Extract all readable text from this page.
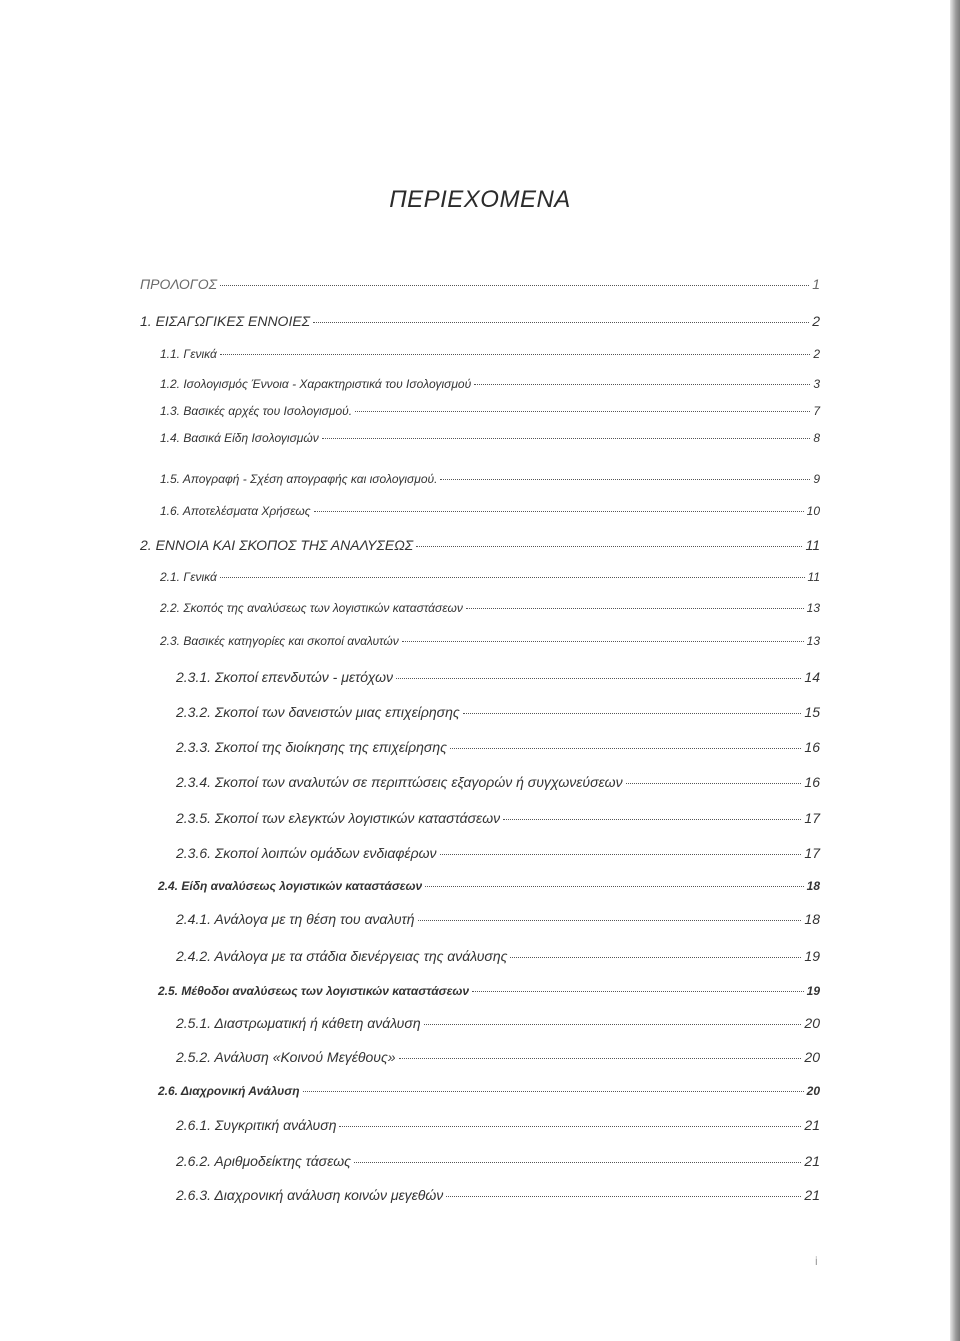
ΠΕΡΙΕΧΟΜΕΝΑ
ΠΡΟΛΟΓΟΣ	1
1. ΕΙΣΑΓΩΓΙΚΕΣ ΕΝΝΟΙΕΣ	2
1.1. Γενικά	2
1.2. Ισολογισμός Έννοια - Χαρακτηριστικά του Ισολογισμού	3
1.3. Βασικές αρχές του Ισολογισμού.	7
1.4. Βασικά Είδη Ισολογισμών	8
1.5. Απογραφή - Σχέση απογραφής και ισολογισμού.	9
1.6. Αποτελέσματα Χρήσεως	10
2. ΕΝΝΟΙΑ ΚΑΙ ΣΚΟΠΟΣ ΤΗΣ ΑΝΑΛΥΣΕΩΣ	11
2.1. Γενικά	11
2.2. Σκοπός της αναλύσεως των λογιστικών καταστάσεων	13
2.3. Βασικές κατηγορίες και σκοποί αναλυτών	13
2.3.1. Σκοποί επενδυτών - μετόχων	14
2.3.2. Σκοποί των δανειστών μιας επιχείρησης	15
2.3.3. Σκοποί της διοίκησης της επιχείρησης	16
2.3.4. Σκοποί των αναλυτών σε περιπτώσεις εξαγορών ή συγχωνεύσεων	16
2.3.5. Σκοποί των ελεγκτών λογιστικών καταστάσεων	17
2.3.6. Σκοποί λοιπών ομάδων ενδιαφέρων	17
2.4. Είδη αναλύσεως λογιστικών καταστάσεων	18
2.4.1. Ανάλογα με τη θέση του αναλυτή	18
2.4.2. Ανάλογα με τα στάδια διενέργειας της ανάλυσης	19
2.5. Μέθοδοι αναλύσεως των λογιστικών καταστάσεων	19
2.5.1. Διαστρωματική ή κάθετη ανάλυση	20
2.5.2. Ανάλυση «Κοινού Μεγέθους»	20
2.6. Διαχρονική Ανάλυση	20
2.6.1. Συγκριτική ανάλυση	21
2.6.2. Αριθμοδείκτης τάσεως	21
2.6.3. Διαχρονική ανάλυση κοινών μεγεθών	21
i
